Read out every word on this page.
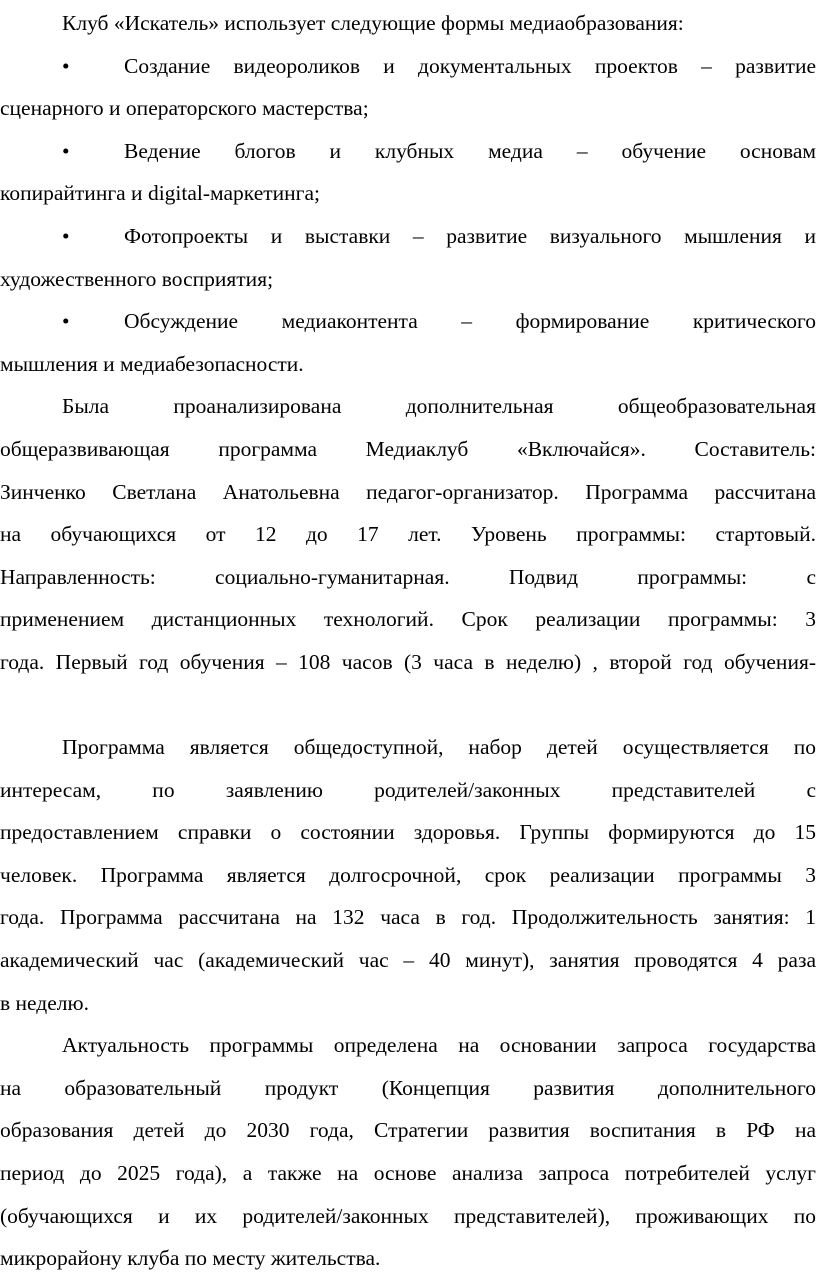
Клуб «Искатель» использует следующие формы медиаобразования:
•	Создание видеороликов и документальных проектов – развитие
сценарного и операторского мастерства;
•	Ведение блогов и клубных медиа – обучение основам
копирайтинга и digital-маркетинга;
•	Фотопроекты и выставки – развитие визуального мышления и
художественного восприятия;
•	Обсуждение медиаконтента – формирование критического
мышления и медиабезопасности.
Была проанализирована дополнительная общеобразовательная
общеразвивающая программа Медиаклуб «Включайся». Составитель:
Зинченко Светлана Анатольевна педагог-организатор. Программа рассчитана
на обучающихся от 12 до 17 лет. Уровень программы: стартовый.
Направленность: социально-гуманитарная. Подвид программы: с
применением дистанционных технологий. Срок реализации программы: 3
года. Первый год обучения – 108 часов (3 часа в неделю) , второй год обучения-
Программа является общедоступной, набор детей осуществляется по
интересам, по заявлению родителей/законных представителей с
предоставлением справки о состоянии здоровья. Группы формируются до 15
человек. Программа является долгосрочной, срок реализации программы 3
года. Программа рассчитана на 132 часа в год. Продолжительность занятия: 1
академический час (академический час – 40 минут), занятия проводятся 4 раза
в неделю.
Актуальность программы определена на основании запроса государства
на образовательный продукт (Концепция развития дополнительного
образования детей до 2030 года, Стратегии развития воспитания в РФ на
период до 2025 года), а также на основе анализа запроса потребителей услуг
(обучающихся и их родителей/законных представителей), проживающих по
микрорайону клуба по месту жительства.
